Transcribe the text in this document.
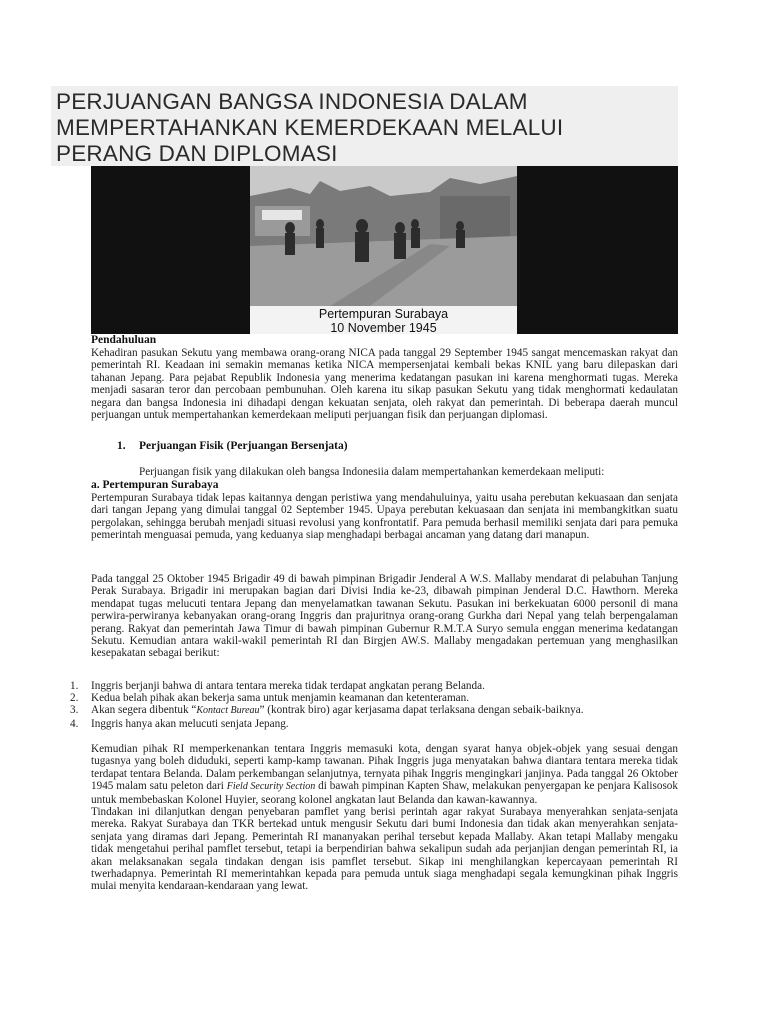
PERJUANGAN BANGSA INDONESIA DALAM
MEMPERTAHANKAN KEMERDEKAAN MELALUI
PERANG DAN DIPLOMASI
Pertempuran Surabaya
10 November 1945
Pendahuluan

Kehadiran pasukan Sekutu yang membawa orang-orang NICA pada tanggal 29 September 1945 sangat mencemaskan rakyat dan pemerintah RI. Keadaan ini semakin memanas ketika NICA mempersenjatai kembali bekas KNIL yang baru dilepaskan dari tahanan Jepang. Para pejabat Republik Indonesia yang menerima kedatangan pasukan ini karena menghormati tugas. Mereka menjadi sasaran teror dan percobaan pembunuhan. Oleh karena itu sikap pasukan Sekutu yang tidak menghormati kedaulatan negara dan bangsa Indonesia ini dihadapi dengan kekuatan senjata, oleh rakyat dan pemerintah. Di beberapa daerah muncul perjuangan untuk mempertahankan kemerdekaan meliputi perjuangan fisik dan perjuangan diplomasi.

1. Perjuangan Fisik (Perjuangan Bersenjata)

Perjuangan fisik yang dilakukan oleh bangsa Indonesiia dalam mempertahankan kemerdekaan meliputi:

a. Pertempuran Surabaya

Pertempuran Surabaya tidak lepas kaitannya dengan peristiwa yang mendahuluinya, yaitu usaha perebutan kekuasaan dan senjata dari tangan Jepang yang dimulai tanggal 02 September 1945. Upaya perebutan kekuasaan dan senjata ini membangkitkan suatu pergolakan, sehingga berubah menjadi situasi revolusi yang konfrontatif. Para pemuda berhasil memiliki senjata dari para pemuka pemerintah menguasai pemuda, yang keduanya siap menghadapi berbagai ancaman yang datang dari manapun.

Pada tanggal 25 Oktober 1945 Brigadir 49 di bawah pimpinan Brigadir Jenderal A W.S. Mallaby mendarat di pelabuhan Tanjung Perak Surabaya. Brigadir ini merupakan bagian dari Divisi India ke-23, dibawah pimpinan Jenderal D.C. Hawthorn. Mereka mendapat tugas melucuti tentara Jepang dan menyelamatkan tawanan Sekutu. Pasukan ini berkekuatan 6000 personil di mana perwira-perwiranya kebanyakan orang-orang Inggris dan prajuritnya orang-orang Gurkha dari Nepal yang telah berpengalaman perang. Rakyat dan pemerintah Jawa Timur di bawah pimpinan Gubernur R.M.T.A Suryo semula enggan menerima kedatangan Sekutu. Kemudian antara wakil-wakil pemerintah RI dan Birgjen AW.S. Mallaby mengadakan pertemuan yang menghasilkan kesepakatan sebagai berikut:

1.	Inggris berjanji bahwa di antara tentara mereka tidak terdapat angkatan perang Belanda.
2.	Kedua belah pihak akan bekerja sama untuk menjamin keamanan dan ketenteraman.
3.	Akan segera dibentuk “Kontact Bureau” (kontrak biro) agar kerjasama dapat terlaksana dengan sebaik-baiknya.
4.	Inggris hanya akan melucuti senjata Jepang.

Kemudian pihak RI memperkenankan tentara Inggris memasuki kota, dengan syarat hanya objek-objek yang sesuai dengan tugasnya yang boleh diduduki, seperti kamp-kamp tawanan. Pihak Inggris juga menyatakan bahwa diantara tentara mereka tidak terdapat tentara Belanda. Dalam perkembangan selanjutnya, ternyata pihak Inggris mengingkari janjinya. Pada tanggal 26 Oktober 1945 malam satu peleton dari Field Security Section di bawah pimpinan Kapten Shaw, melakukan penyergapan ke penjara Kalisosok untuk membebaskan Kolonel Huyier, seorang kolonel angkatan laut Belanda dan kawan-kawannya.

Tindakan ini dilanjutkan dengan penyebaran pamflet yang berisi perintah agar rakyat Surabaya menyerahkan senjata-senjata mereka. Rakyat Surabaya dan TKR bertekad untuk mengusir Sekutu dari bumi Indonesia dan tidak akan menyerahkan senjata-senjata yang diramas dari Jepang. Pemerintah RI mananyakan perihal tersebut kepada Mallaby. Akan tetapi Mallaby mengaku tidak mengetahui perihal pamflet tersebut, tetapi ia berpendirian bahwa sekalipun sudah ada perjanjian dengan pemerintah RI, ia akan melaksanakan segala tindakan dengan isis pamflet tersebut. Sikap ini menghilangkan kepercayaan pemerintah RI twerhadapnya. Pemerintah RI memerintahkan kepada para pemuda untuk siaga menghadapi segala kemungkinan pihak Inggris mulai menyita kendaraan-kendaraan yang lewat.
